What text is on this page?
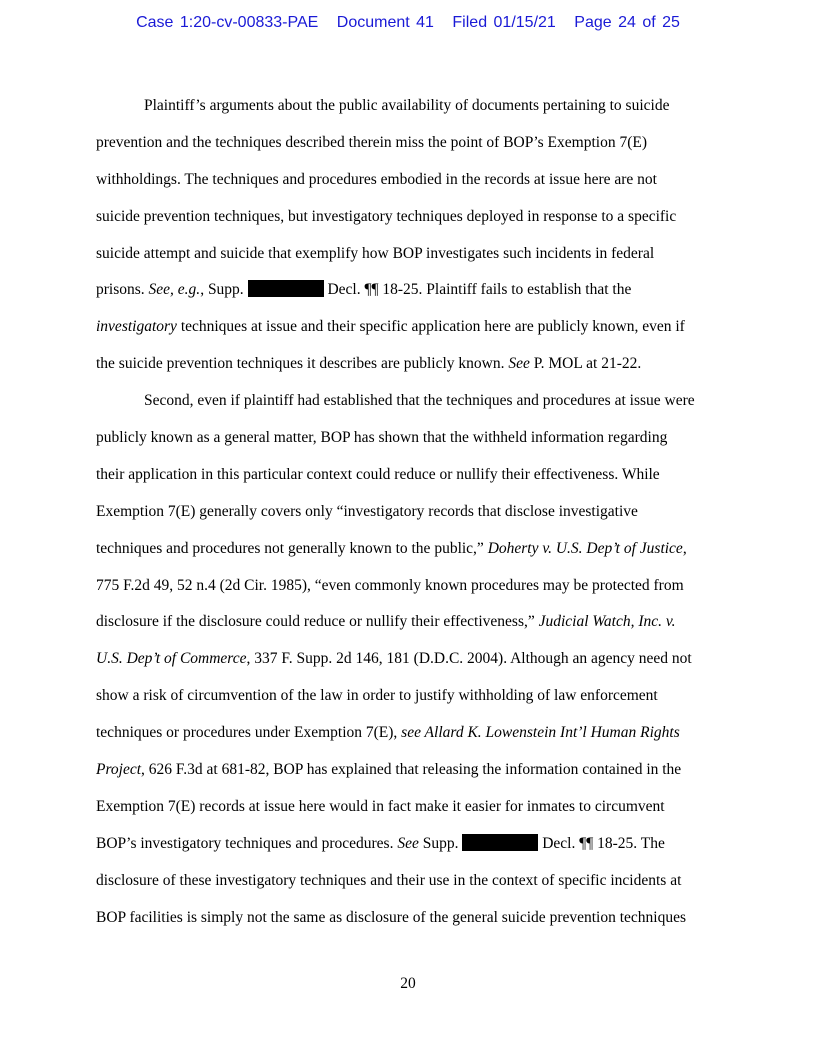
Case 1:20-cv-00833-PAE Document 41 Filed 01/15/21 Page 24 of 25
Plaintiff’s arguments about the public availability of documents pertaining to suicide
prevention and the techniques described therein miss the point of BOP’s Exemption 7(E)
withholdings. The techniques and procedures embodied in the records at issue here are not
suicide prevention techniques, but investigatory techniques deployed in response to a specific
suicide attempt and suicide that exemplify how BOP investigates such incidents in federal
prisons. See, e.g., Supp.	Decl. ¶¶ 18-25. Plaintiff fails to establish that the
investigatory techniques at issue and their specific application here are publicly known, even if
the suicide prevention techniques it describes are publicly known. See P. MOL at 21-22.
Second, even if plaintiff had established that the techniques and procedures at issue were
publicly known as a general matter, BOP has shown that the withheld information regarding
their application in this particular context could reduce or nullify their effectiveness. While
Exemption 7(E) generally covers only “investigatory records that disclose investigative
techniques and procedures not generally known to the public,” Doherty v. U.S. Dep’t of Justice,
775 F.2d 49, 52 n.4 (2d Cir. 1985), “even commonly known procedures may be protected from
disclosure if the disclosure could reduce or nullify their effectiveness,” Judicial Watch, Inc. v.
U.S. Dep’t of Commerce, 337 F. Supp. 2d 146, 181 (D.D.C. 2004). Although an agency need not
show a risk of circumvention of the law in order to justify withholding of law enforcement
techniques or procedures under Exemption 7(E), see Allard K. Lowenstein Int’l Human Rights
Project, 626 F.3d at 681-82, BOP has explained that releasing the information contained in the
Exemption 7(E) records at issue here would in fact make it easier for inmates to circumvent
BOP’s investigatory techniques and procedures. See Supp.	Decl. ¶¶ 18-25. The
disclosure of these investigatory techniques and their use in the context of specific incidents at
BOP facilities is simply not the same as disclosure of the general suicide prevention techniques
20
